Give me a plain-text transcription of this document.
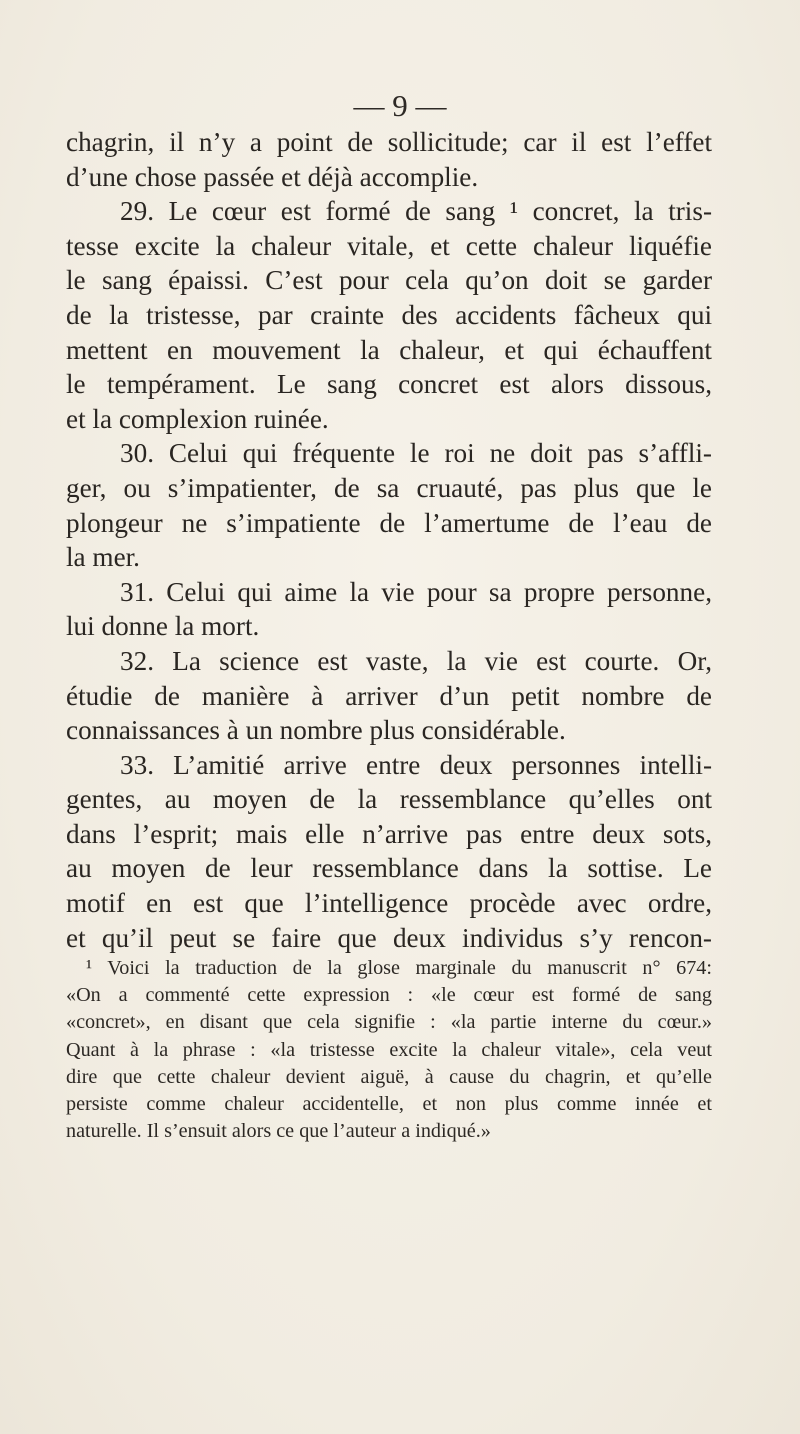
— 9 —
chagrin, il n’y a point de sollicitude; car il est l’effet
d’une chose passée et déjà accomplie.
29. Le cœur est formé de sang ¹ concret, la tris-
tesse excite la chaleur vitale, et cette chaleur liquéfie
le sang épaissi. C’est pour cela qu’on doit se garder
de la tristesse, par crainte des accidents fâcheux qui
mettent en mouvement la chaleur, et qui échauffent
le tempérament. Le sang concret est alors dissous,
et la complexion ruinée.
30. Celui qui fréquente le roi ne doit pas s’affli-
ger, ou s’impatienter, de sa cruauté, pas plus que le
plongeur ne s’impatiente de l’amertume de l’eau de
la mer.
31. Celui qui aime la vie pour sa propre personne,
lui donne la mort.
32. La science est vaste, la vie est courte. Or,
étudie de manière à arriver d’un petit nombre de
connaissances à un nombre plus considérable.
33. L’amitié arrive entre deux personnes intelli-
gentes, au moyen de la ressemblance qu’elles ont
dans l’esprit; mais elle n’arrive pas entre deux sots,
au moyen de leur ressemblance dans la sottise. Le
motif en est que l’intelligence procède avec ordre,
et qu’il peut se faire que deux individus s’y rencon-
¹ Voici la traduction de la glose marginale du manuscrit n° 674:
«On a commenté cette expression : «le cœur est formé de sang
«concret», en disant que cela signifie : «la partie interne du cœur.»
Quant à la phrase : «la tristesse excite la chaleur vitale», cela veut
dire que cette chaleur devient aiguë, à cause du chagrin, et qu’elle
persiste comme chaleur accidentelle, et non plus comme innée et
naturelle. Il s’ensuit alors ce que l’auteur a indiqué.»
